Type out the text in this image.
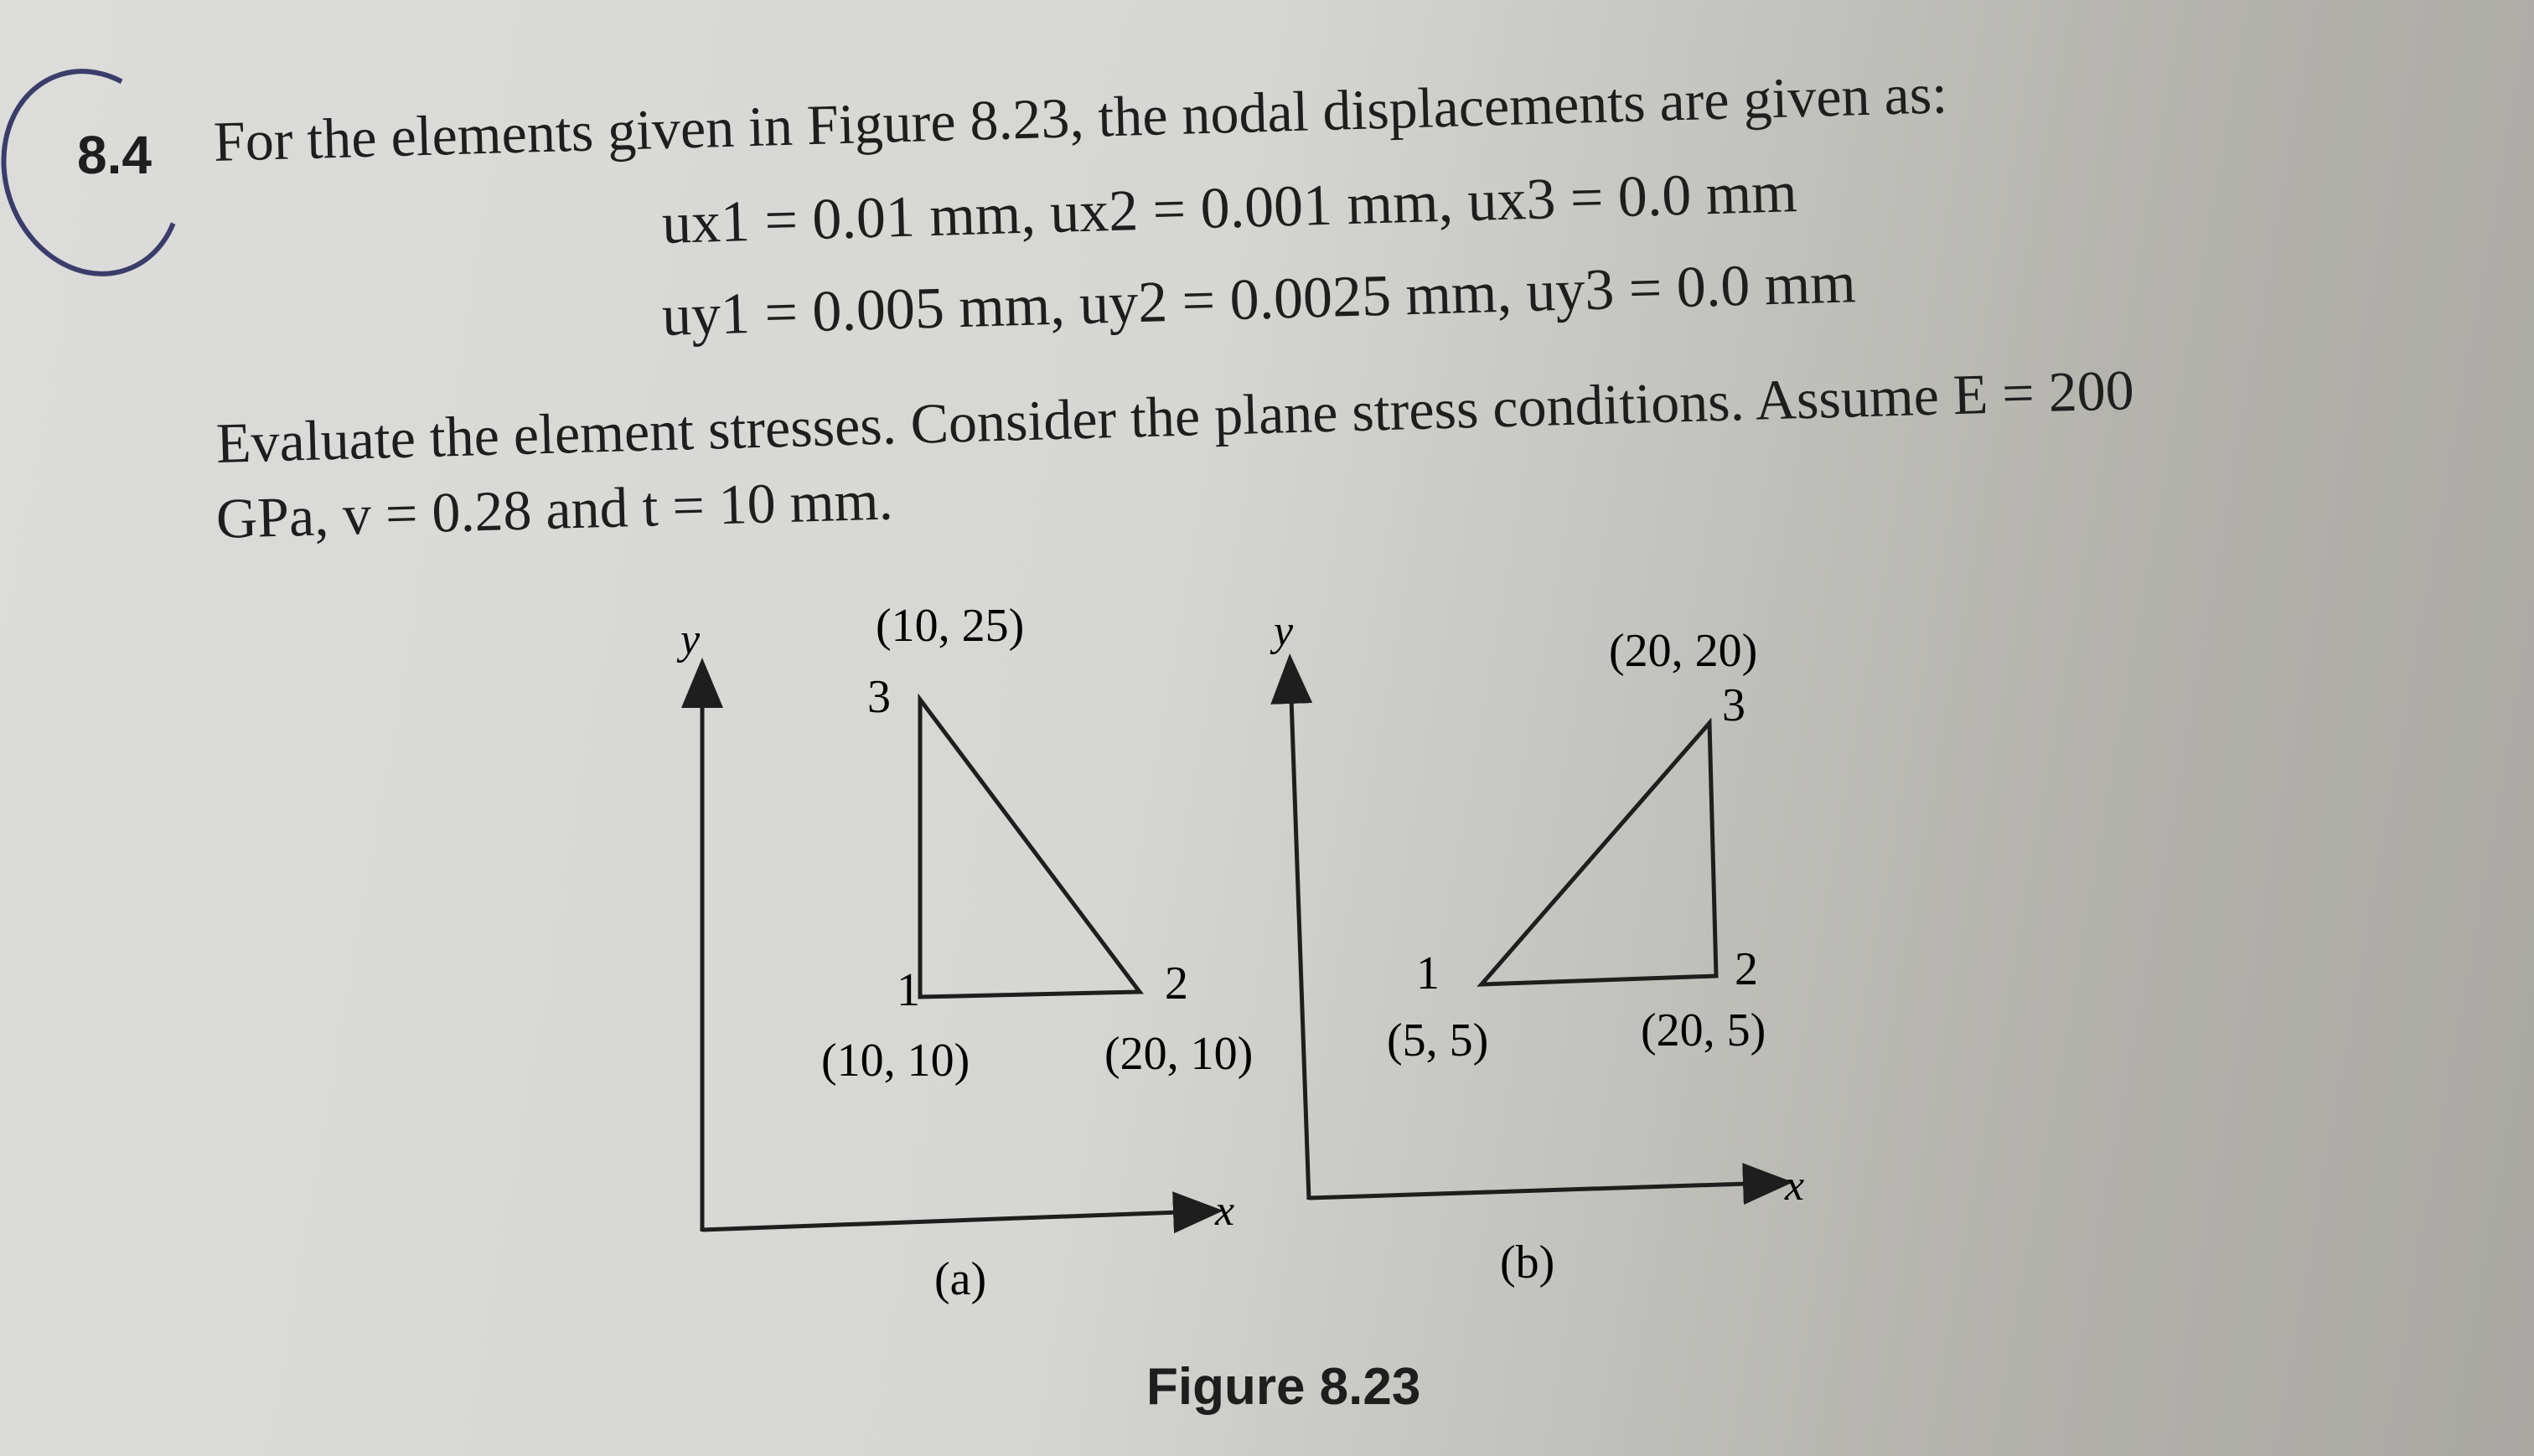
8.4 For the elements given in Figure 8.23, the nodal displacements are given as:
ux1 = 0.01 mm, ux2 = 0.001 mm, ux3 = 0.0 mm
uy1 = 0.005 mm, uy2 = 0.0025 mm, uy3 = 0.0 mm
Evaluate the element stresses. Consider the plane stress conditions. Assume E = 200
GPa, v = 0.28 and t = 10 mm.
y
x
(10, 25)
3
1
(10, 10)
2
(20, 10)
(a)
y
x
(20, 20)
3
1
(5, 5)
2
(20, 5)
(b)
Figure 8.23
